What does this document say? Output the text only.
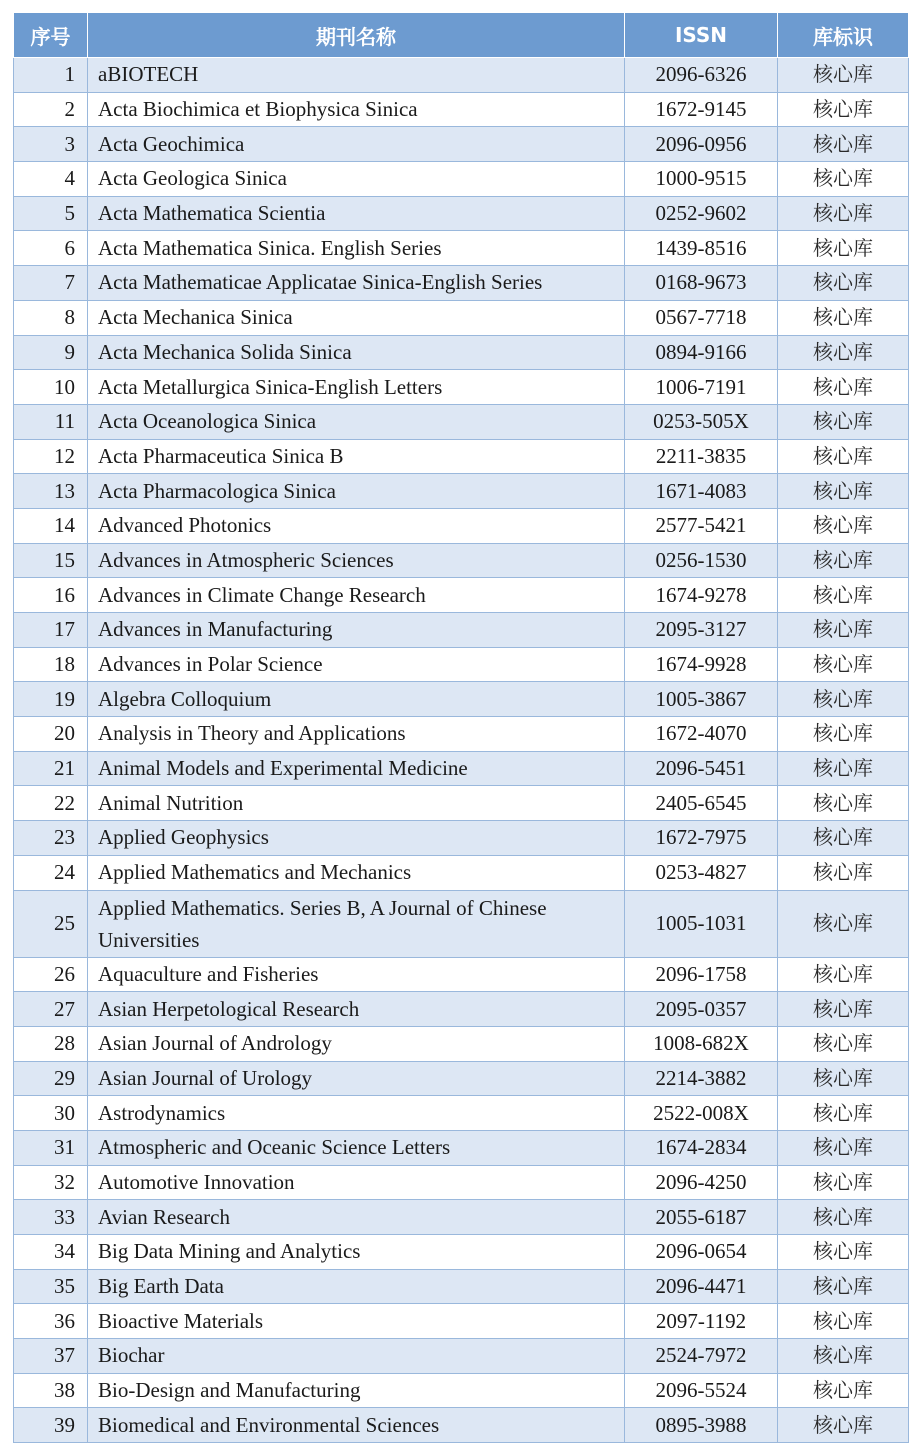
序号	期刊名称	ISSN	库标识
1	aBIOTECH	2096-6326	核心库
2	Acta Biochimica et Biophysica Sinica	1672-9145	核心库
3	Acta Geochimica	2096-0956	核心库
4	Acta Geologica Sinica	1000-9515	核心库
5	Acta Mathematica Scientia	0252-9602	核心库
6	Acta Mathematica Sinica. English Series	1439-8516	核心库
7	Acta Mathematicae Applicatae Sinica-English Series	0168-9673	核心库
8	Acta Mechanica Sinica	0567-7718	核心库
9	Acta Mechanica Solida Sinica	0894-9166	核心库
10	Acta Metallurgica Sinica-English Letters	1006-7191	核心库
11	Acta Oceanologica Sinica	0253-505X	核心库
12	Acta Pharmaceutica Sinica B	2211-3835	核心库
13	Acta Pharmacologica Sinica	1671-4083	核心库
14	Advanced Photonics	2577-5421	核心库
15	Advances in Atmospheric Sciences	0256-1530	核心库
16	Advances in Climate Change Research	1674-9278	核心库
17	Advances in Manufacturing	2095-3127	核心库
18	Advances in Polar Science	1674-9928	核心库
19	Algebra Colloquium	1005-3867	核心库
20	Analysis in Theory and Applications	1672-4070	核心库
21	Animal Models and Experimental Medicine	2096-5451	核心库
22	Animal Nutrition	2405-6545	核心库
23	Applied Geophysics	1672-7975	核心库
24	Applied Mathematics and Mechanics	0253-4827	核心库
25	Applied Mathematics. Series B, A Journal of Chinese Universities	1005-1031	核心库
26	Aquaculture and Fisheries	2096-1758	核心库
27	Asian Herpetological Research	2095-0357	核心库
28	Asian Journal of Andrology	1008-682X	核心库
29	Asian Journal of Urology	2214-3882	核心库
30	Astrodynamics	2522-008X	核心库
31	Atmospheric and Oceanic Science Letters	1674-2834	核心库
32	Automotive Innovation	2096-4250	核心库
33	Avian Research	2055-6187	核心库
34	Big Data Mining and Analytics	2096-0654	核心库
35	Big Earth Data	2096-4471	核心库
36	Bioactive Materials	2097-1192	核心库
37	Biochar	2524-7972	核心库
38	Bio-Design and Manufacturing	2096-5524	核心库
39	Biomedical and Environmental Sciences	0895-3988	核心库
